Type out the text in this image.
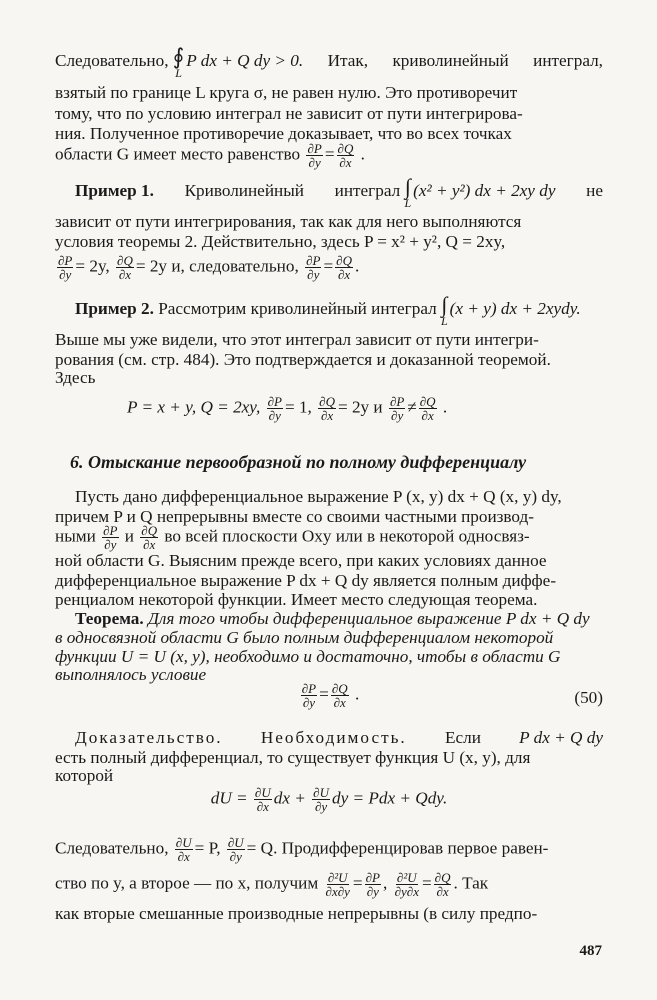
Следовательно, ∮
L
P dx + Q dy > 0. Итак, криволинейный интеграл,
взятый по границе L круга σ, не равен нулю. Это противоречит
тому, что по условию интеграл не зависит от пути интегрирова-
ния. Полученное противоречие доказывает, что во всех точках
области G имеет место равенство $\frac{\partial P}{\partial y} = \frac{\partial Q}{\partial x}$ .
Пример 1. Криволинейный интеграл ∫
L
(x² + y²) dx + 2xy dy не
зависит от пути интегрирования, так как для него выполняются
условия теоремы 2. Действительно, здесь P = x² + y², Q = 2xy,
$\frac{\partial P}{\partial y} = 2y$, $\frac{\partial Q}{\partial x} = 2y$ и, следовательно, $\frac{\partial P}{\partial y} = \frac{\partial Q}{\partial x}$ .
Пример 2. Рассмотрим криволинейный интеграл ∫
L
(x + y) dx + 2xydy.
Выше мы уже видели, что этот интеграл зависит от пути интегри-
рования (см. стр. 484). Это подтверждается и доказанной теоремой.
Здесь
P = x + y, Q = 2xy, $\frac{\partial P}{\partial y} = 1$, $\frac{\partial Q}{\partial x} = 2y$ и $\frac{\partial P}{\partial y} \ne \frac{\partial Q}{\partial x}$ .
6. Отыскание первообразной по полному дифференциалу
Пусть дано дифференциальное выражение P (x, y) dx + Q (x, y) dy,
причем P и Q непрерывны вместе со своими частными производ-
ными $\frac{\partial P}{\partial y}$ и $\frac{\partial Q}{\partial x}$ во всей плоскости Oxy или в некоторой односвяз-
ной области G. Выясним прежде всего, при каких условиях данное
дифференциальное выражение P dx + Q dy является полным диффе-
ренциалом некоторой функции. Имеет место следующая теорема.
Теорема. Для того чтобы дифференциальное выражение P dx + Q dy
в односвязной области G было полным дифференциалом некоторой
функции U = U (x, y), необходимо и достаточно, чтобы в области G
выполнялось условие
$\frac{\partial P}{\partial y} = \frac{\partial Q}{\partial x}$ .	(50)
Доказательство. Необходимость. Если P dx + Q dy
есть полный дифференциал, то существует функция U (x, y), для
которой
dU = $\frac{\partial U}{\partial x}$ dx + $\frac{\partial U}{\partial y}$ dy = Pdx + Qdy.
Следовательно, $\frac{\partial U}{\partial x} = P$, $\frac{\partial U}{\partial y} = Q$. Продифференцировав первое равен-
ство по y, а второе — по x, получим $\frac{\text{∂²U}}{\partial x\partial y} = \frac{\partial P}{\partial y}$ , $\frac{\text{∂²U}}{\partial y\partial x} = \frac{\partial Q}{\partial x}$ . Так
как вторые смешанные производные непрерывны (в силу предпо-
487
